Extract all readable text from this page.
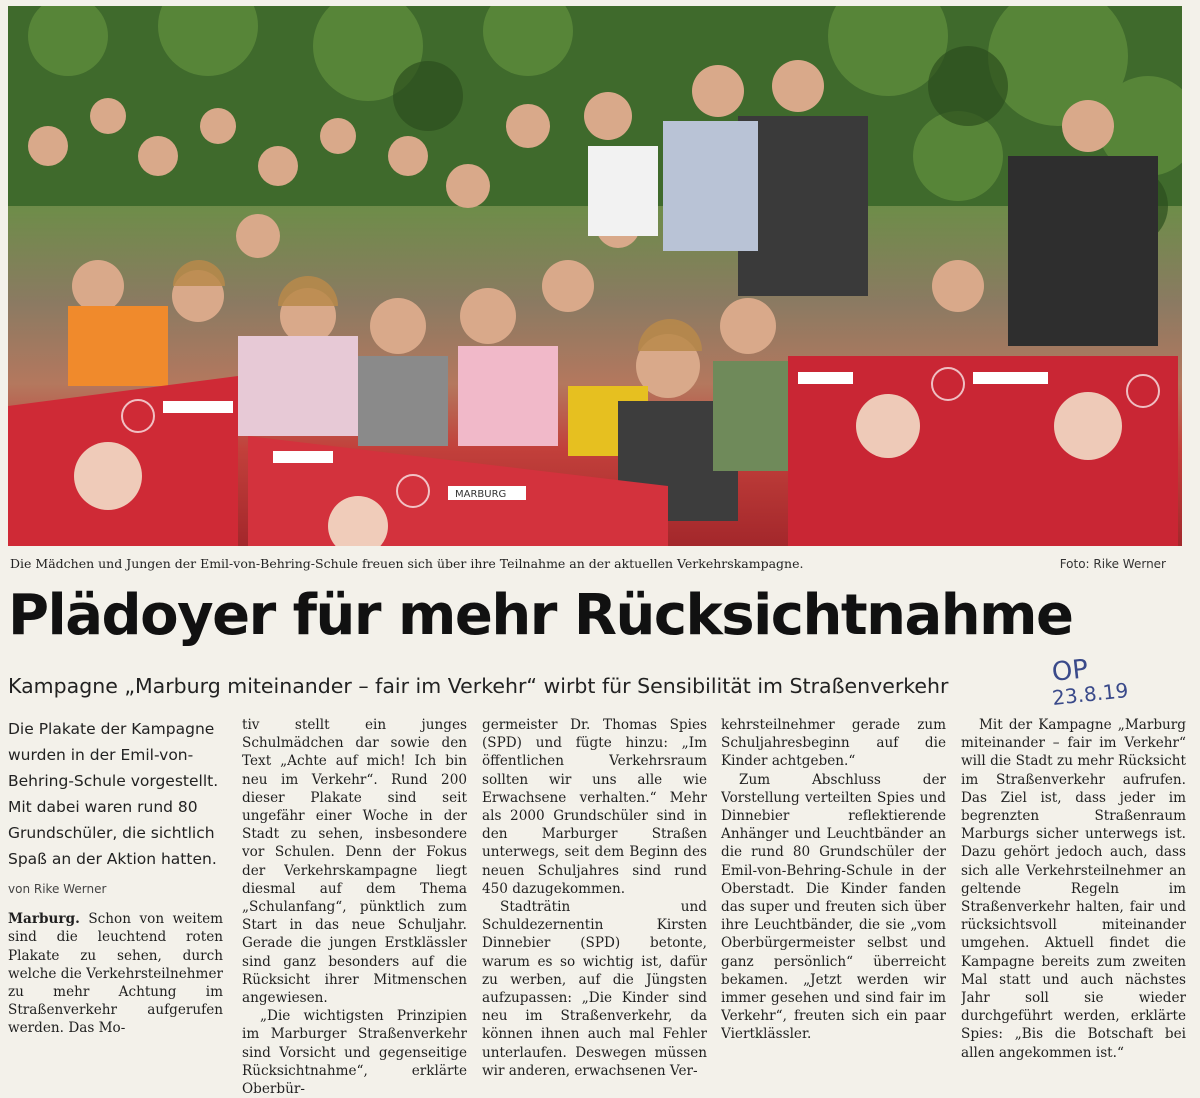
MARBURG
Die Mädchen und Jungen der Emil-von-Behring-Schule freuen sich über ihre Teilnahme an der aktuellen Verkehrskampagne.	Foto: Rike Werner
Plädoyer für mehr Rücksichtnahme
Kampagne „Marburg miteinander – fair im Verkehr“ wirbt für Sensibilität im Straßenverkehr	OP
23.8.19

Die Plakate der Kampagne wurden in der Emil-von-Behring-Schule vorgestellt. Mit dabei waren rund 80 Grundschüler, die sichtlich Spaß an der Aktion hatten.

von Rike Werner

Marburg. Schon von weitem sind die leuchtend roten Plakate zu sehen, durch welche die Verkehrsteilnehmer zu mehr Achtung im Straßenverkehr aufgerufen werden. Das Mo-

tiv stellt ein junges Schulmädchen dar sowie den Text „Achte auf mich! Ich bin neu im Verkehr“. Rund 200 dieser Plakate sind seit ungefähr einer Woche in der Stadt zu sehen, insbesondere vor Schulen. Denn der Fokus der Verkehrskampagne liegt diesmal auf dem Thema „Schulanfang“, pünktlich zum Start in das neue Schuljahr. Gerade die jungen Erstklässler sind ganz besonders auf die Rücksicht ihrer Mitmenschen angewiesen.

„Die wichtigsten Prinzipien im Marburger Straßenverkehr sind Vorsicht und gegenseitige Rücksichtnahme“, erklärte Oberbür-

germeister Dr. Thomas Spies (SPD) und fügte hinzu: „Im öffentlichen Verkehrsraum sollten wir uns alle wie Erwachsene verhalten.“ Mehr als 2000 Grundschüler sind in den Marburger Straßen unterwegs, seit dem Beginn des neuen Schuljahres sind rund 450 dazugekommen.

Stadträtin und Schuldezernentin Kirsten Dinnebier (SPD) betonte, warum es so wichtig ist, dafür zu werben, auf die Jüngsten aufzupassen: „Die Kinder sind neu im Straßenverkehr, da können ihnen auch mal Fehler unterlaufen. Deswegen müssen wir anderen, erwachsenen Ver-

kehrsteilnehmer gerade zum Schuljahresbeginn auf die Kinder achtgeben.“

Zum Abschluss der Vorstellung verteilten Spies und Dinnebier reflektierende Anhänger und Leuchtbänder an die rund 80 Grundschüler der Emil-von-Behring-Schule in der Oberstadt. Die Kinder fanden das super und freuten sich über ihre Leuchtbänder, die sie „vom Oberbürgermeister selbst und ganz persönlich“ überreicht bekamen. „Jetzt werden wir immer gesehen und sind fair im Verkehr“, freuten sich ein paar Viertklässler.

Mit der Kampagne „Marburg miteinander – fair im Verkehr“ will die Stadt zu mehr Rücksicht im Straßenverkehr aufrufen. Das Ziel ist, dass jeder im begrenzten Straßenraum Marburgs sicher unterwegs ist. Dazu gehört jedoch auch, dass sich alle Verkehrsteilnehmer an geltende Regeln im Straßenverkehr halten, fair und rücksichtsvoll miteinander umgehen. Aktuell findet die Kampagne bereits zum zweiten Mal statt und auch nächstes Jahr soll sie wieder durchgeführt werden, erklärte Spies: „Bis die Botschaft bei allen angekommen ist.“
